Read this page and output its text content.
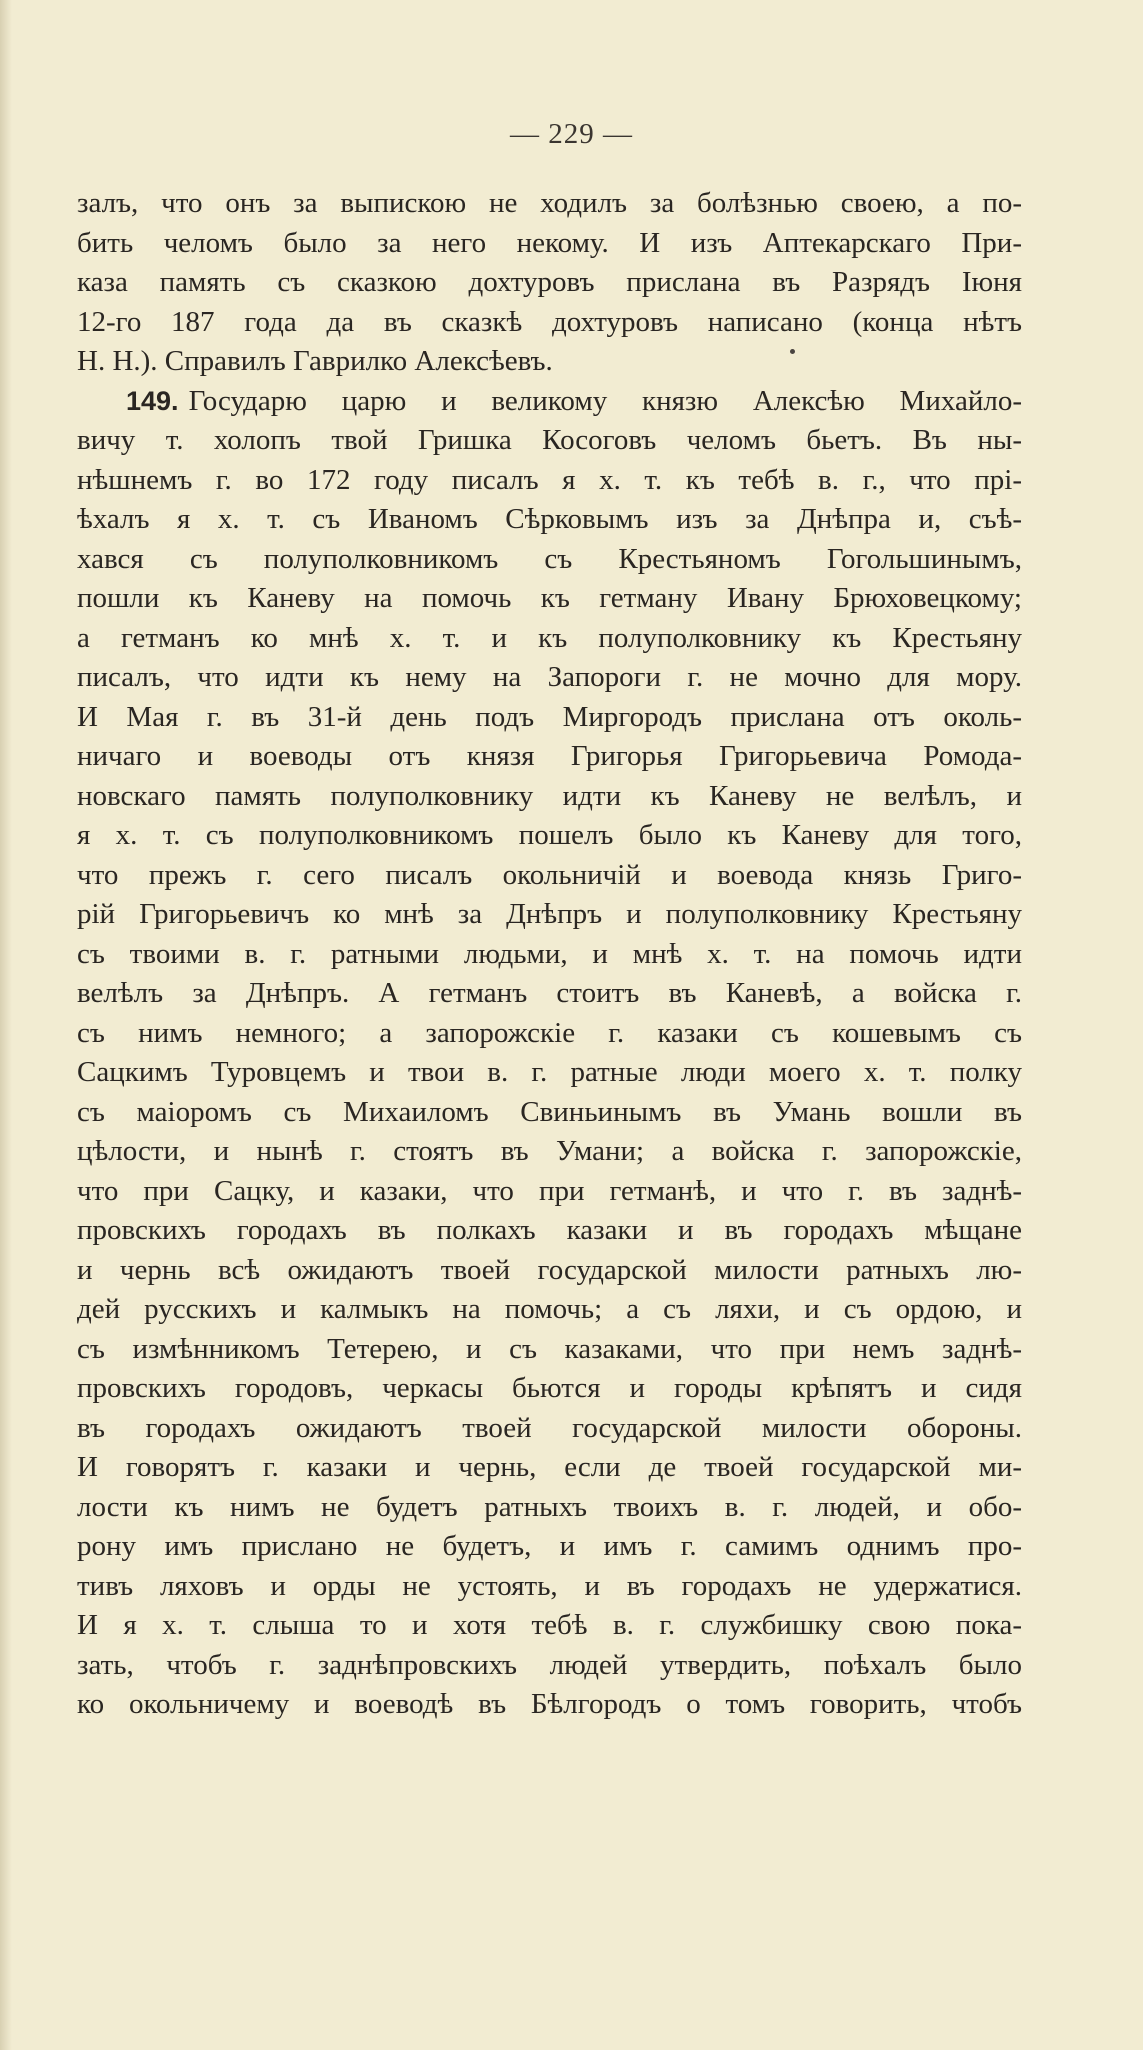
— 229 —
залъ, что онъ за выпискою не ходилъ за болѣзнью своею, а по-
бить челомъ было за него некому. И изъ Аптекарскаго При-
каза память съ сказкою дохтуровъ прислана въ Разрядъ Іюня
12-го 187 года да въ сказкѣ дохтуровъ написано (конца нѣтъ
Н. Н.). Справилъ Гаврилко Алексѣевъ.
149. Государю царю и великому князю Алексѣю Михайло-
вичу т. холопъ твой Гришка Косоговъ челомъ бьетъ. Въ ны-
нѣшнемъ г. во 172 году писалъ я х. т. къ тебѣ в. г., что прі-
ѣхалъ я х. т. съ Иваномъ Сѣрковымъ изъ за Днѣпра и, съѣ-
хався съ полуполковникомъ съ Крестьяномъ Гогольшинымъ,
пошли къ Каневу на помочь къ гетману Ивану Брюховецкому;
а гетманъ ко мнѣ х. т. и къ полуполковнику къ Крестьяну
писалъ, что идти къ нему на Запороги г. не мочно для мору.
И Мая г. въ 31-й день подъ Миргородъ прислана отъ околь-
ничаго и воеводы отъ князя Григорья Григорьевича Ромода-
новскаго память полуполковнику идти къ Каневу не велѣлъ, и
я х. т. съ полуполковникомъ пошелъ было къ Каневу для того,
что прежъ г. сего писалъ окольничій и воевода князь Григо-
рій Григорьевичъ ко мнѣ за Днѣпръ и полуполковнику Крестьяну
съ твоими в. г. ратными людьми, и мнѣ х. т. на помочь идти
велѣлъ за Днѣпръ. А гетманъ стоитъ въ Каневѣ, а войска г.
съ нимъ немного; а запорожскіе г. казаки съ кошевымъ съ
Сацкимъ Туровцемъ и твои в. г. ратные люди моего х. т. полку
съ маіоромъ съ Михаиломъ Свиньинымъ въ Умань вошли въ
цѣлости, и нынѣ г. стоятъ въ Умани; а войска г. запорожскіе,
что при Сацку, и казаки, что при гетманѣ, и что г. въ заднѣ-
провскихъ городахъ въ полкахъ казаки и въ городахъ мѣщане
и чернь всѣ ожидаютъ твоей государской милости ратныхъ лю-
дей русскихъ и калмыкъ на помочь; а съ ляхи, и съ ордою, и
съ измѣнникомъ Тетерею, и съ казаками, что при немъ заднѣ-
провскихъ городовъ, черкасы бьются и городы крѣпятъ и сидя
въ городахъ ожидаютъ твоей государской милости обороны.
И говорятъ г. казаки и чернь, если де твоей государской ми-
лости къ нимъ не будетъ ратныхъ твоихъ в. г. людей, и обо-
рону имъ прислано не будетъ, и имъ г. самимъ однимъ про-
тивъ ляховъ и орды не устоять, и въ городахъ не удержатися.
И я х. т. слыша то и хотя тебѣ в. г. службишку свою пока-
зать, чтобъ г. заднѣпровскихъ людей утвердить, поѣхалъ было
ко окольничему и воеводѣ въ Бѣлгородъ о томъ говорить, чтобъ
